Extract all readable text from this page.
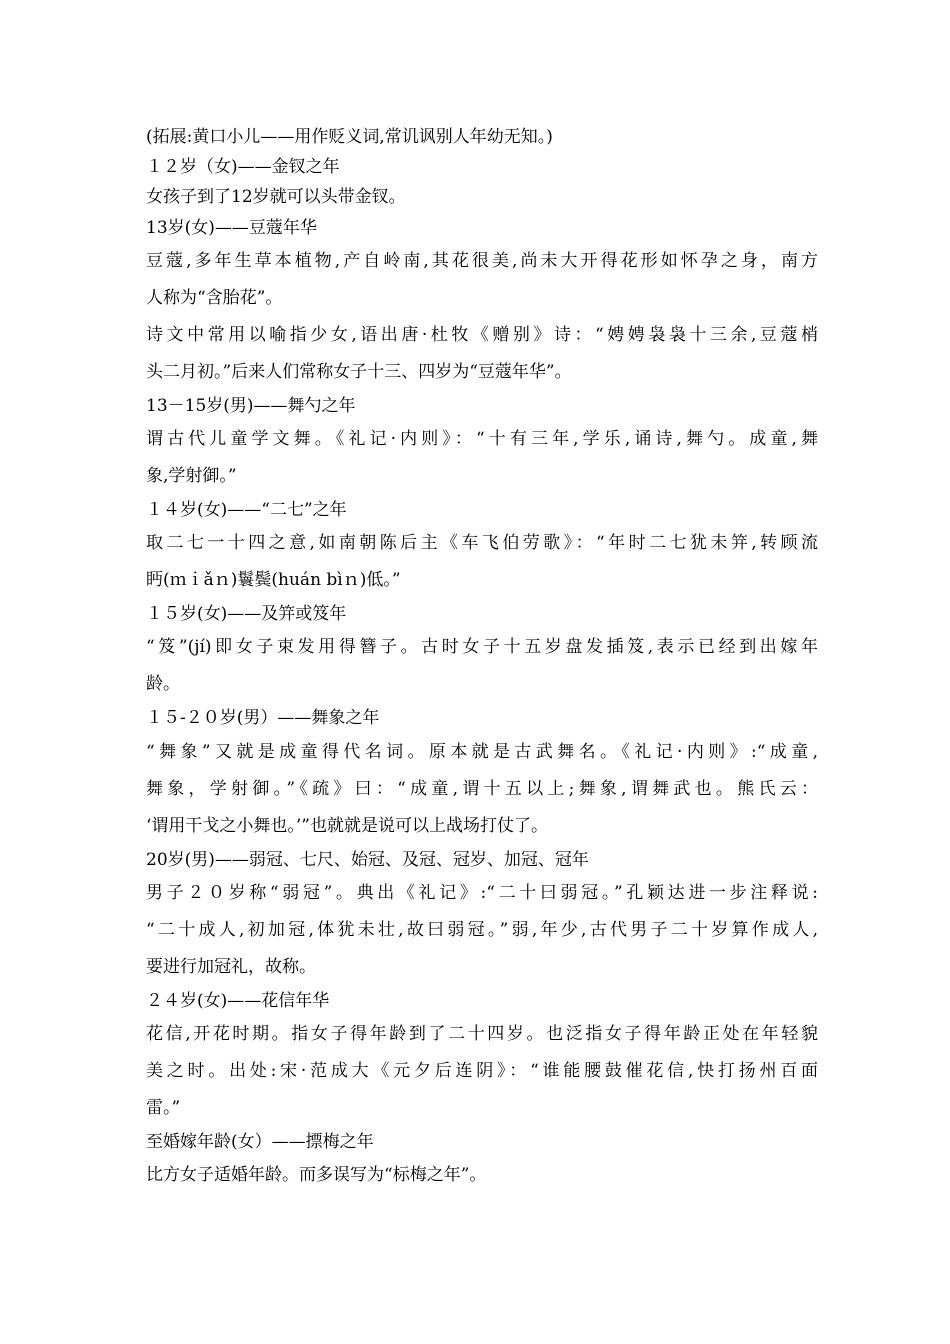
(拓展:黄口小儿——用作贬义词,常讥讽别人年幼无知。)
１２岁（女)——金钗之年
女孩子到了12岁就可以头带金钗。
13岁(女)——豆蔻年华
豆蔻,多年生草本植物,产自岭南,其花很美,尚未大开得花形如怀孕之身，南方
人称为“含胎花”。
诗文中常用以喻指少女,语出唐·杜牧《赠别》诗：“娉娉袅袅十三余,豆蔻梢
头二月初。”后来人们常称女子十三、四岁为“豆蔻年华”。
13－15岁(男)——舞勺之年
谓古代儿童学文舞。《礼记·内则》：“十有三年,学乐,诵诗,舞勺。成童,舞
象,学射御。”
１４岁(女)——“二七”之年
取二七一十四之意,如南朝陈后主《车飞伯劳歌》：“年时二七犹未笄,转顾流
眄(ｍｉǎｎ)鬟鬓(huán bìｎ)低。”
１５岁(女)——及笄或笈年
“笈”(jí)即女子束发用得簪子。古时女子十五岁盘发插笈,表示已经到出嫁年
龄。
１５-２０岁(男）——舞象之年
“舞象”又就是成童得代名词。原本就是古武舞名。《礼记·内则》:“成童,
舞象，学射御。”《疏》曰：“成童,谓十五以上;舞象,谓舞武也。熊氏云：
‘谓用干戈之小舞也。’”也就就是说可以上战场打仗了。
20岁(男)——弱冠、七尺、始冠、及冠、冠岁、加冠、冠年
男子２０岁称“弱冠”。典出《礼记》:“二十曰弱冠。”孔颖达进一步注释说:
“二十成人,初加冠,体犹未壮,故曰弱冠。”弱,年少,古代男子二十岁算作成人,
要进行加冠礼，故称。
２４岁(女)——花信年华
花信,开花时期。指女子得年龄到了二十四岁。也泛指女子得年龄正处在年轻貌
美之时。出处:宋·范成大《元夕后连阴》：“谁能腰鼓催花信,快打扬州百面
雷。”
至婚嫁年龄(女）——摽梅之年
比方女子适婚年龄。而多误写为“标梅之年”。
